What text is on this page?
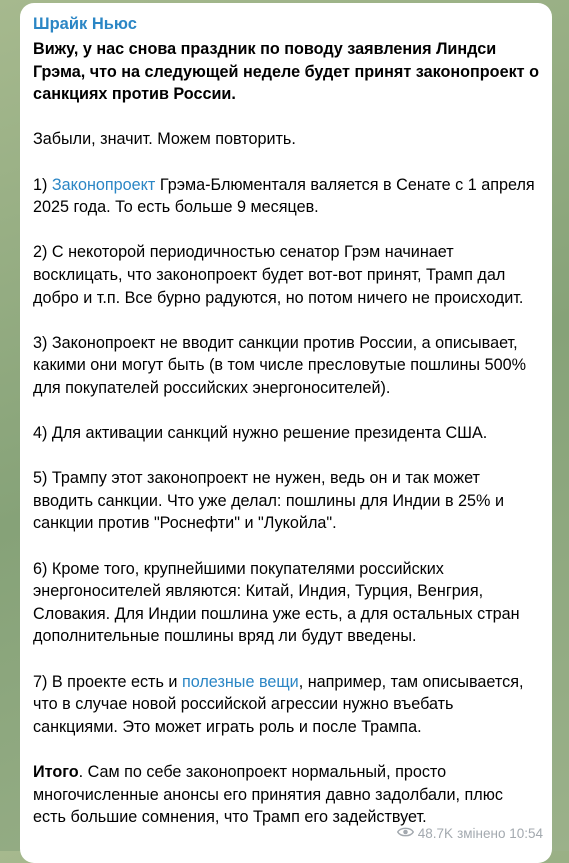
Шрайк Ньюс

Вижу, у нас снова праздник по поводу заявления Линдси Грэма, что на следующей неделе будет принят законопроект о санкциях против России.

Забыли, значит. Можем повторить.

1) Законопроект Грэма-Блюменталя валяется в Сенате с 1 апреля 2025 года. То есть больше 9 месяцев.

2) С некоторой периодичностью сенатор Грэм начинает восклицать, что законопроект будет вот-вот принят, Трамп дал добро и т.п. Все бурно радуются, но потом ничего не происходит.

3) Законопроект не вводит санкции против России, а описывает, какими они могут быть (в том числе пресловутые пошлины 500% для покупателей российских энергоносителей).

4) Для активации санкций нужно решение президента США.

5) Трампу этот законопроект не нужен, ведь он и так может вводить санкции. Что уже делал: пошлины для Индии в 25% и санкции против "Роснефти" и "Лукойла".

6) Кроме того, крупнейшими покупателями российских энергоносителей являются: Китай, Индия, Турция, Венгрия, Словакия. Для Индии пошлина уже есть, а для остальных стран дополнительные пошлины вряд ли будут введены.

7) В проекте есть и полезные вещи, например, там описывается, что в случае новой российской агрессии нужно въебать санкциями. Это может играть роль и после Трампа.

Итого. Сам по себе законопроект нормальный, просто многочисленные анонсы его принятия давно задолбали, плюс есть большие сомнения, что Трамп его задействует.

48.7K змінено 10:54
